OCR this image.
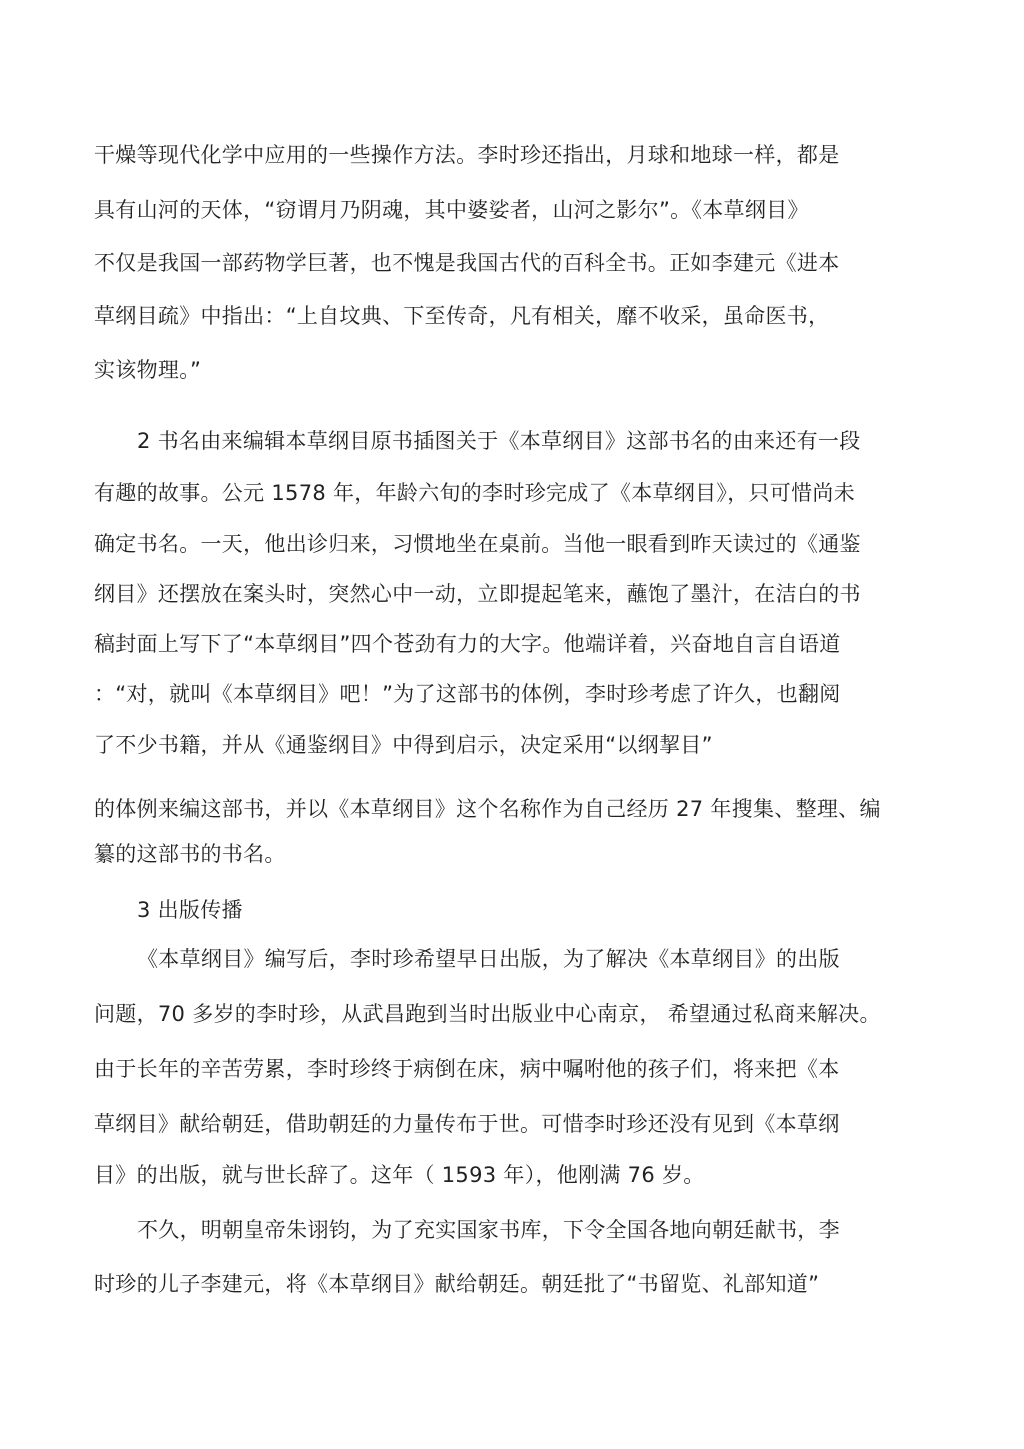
干燥等现代化学中应用的一些操作方法。李时珍还指出，月球和地球一样，都是
具有山河的天体，“窃谓月乃阴魂，其中婆娑者，山河之影尔”。《本草纲目》
不仅是我国一部药物学巨著，也不愧是我国古代的百科全书。正如李建元《进本
草纲目疏》中指出：“上自坟典、下至传奇，凡有相关，靡不收采，虽命医书，
实该物理。”
2 书名由来编辑本草纲目原书插图关于《本草纲目》这部书名的由来还有一段
有趣的故事。公元 1578 年，年龄六旬的李时珍完成了《本草纲目》，只可惜尚未
确定书名。一天，他出诊归来，习惯地坐在桌前。当他一眼看到昨天读过的《通鉴
纲目》还摆放在案头时，突然心中一动，立即提起笔来，蘸饱了墨汁，在洁白的书
稿封面上写下了“本草纲目”四个苍劲有力的大字。他端详着，兴奋地自言自语道
：“对，就叫《本草纲目》吧！”为了这部书的体例，李时珍考虑了许久，也翻阅
了不少书籍，并从《通鉴纲目》中得到启示，决定采用“以纲挈目”
的体例来编这部书，并以《本草纲目》这个名称作为自己经历 27 年搜集、整理、编
纂的这部书的书名。
3 出版传播
《本草纲目》编写后，李时珍希望早日出版，为了解决《本草纲目》的出版
问题，70 多岁的李时珍，从武昌跑到当时出版业中心南京， 希望通过私商来解决。
由于长年的辛苦劳累，李时珍终于病倒在床，病中嘱咐他的孩子们，将来把《本
草纲目》献给朝廷，借助朝廷的力量传布于世。可惜李时珍还没有见到《本草纲
目》的出版，就与世长辞了。这年（ 1593 年），他刚满 76 岁。
不久，明朝皇帝朱诩钧，为了充实国家书库，下令全国各地向朝廷献书，李
时珍的儿子李建元，将《本草纲目》献给朝廷。朝廷批了“书留览、礼部知道”
